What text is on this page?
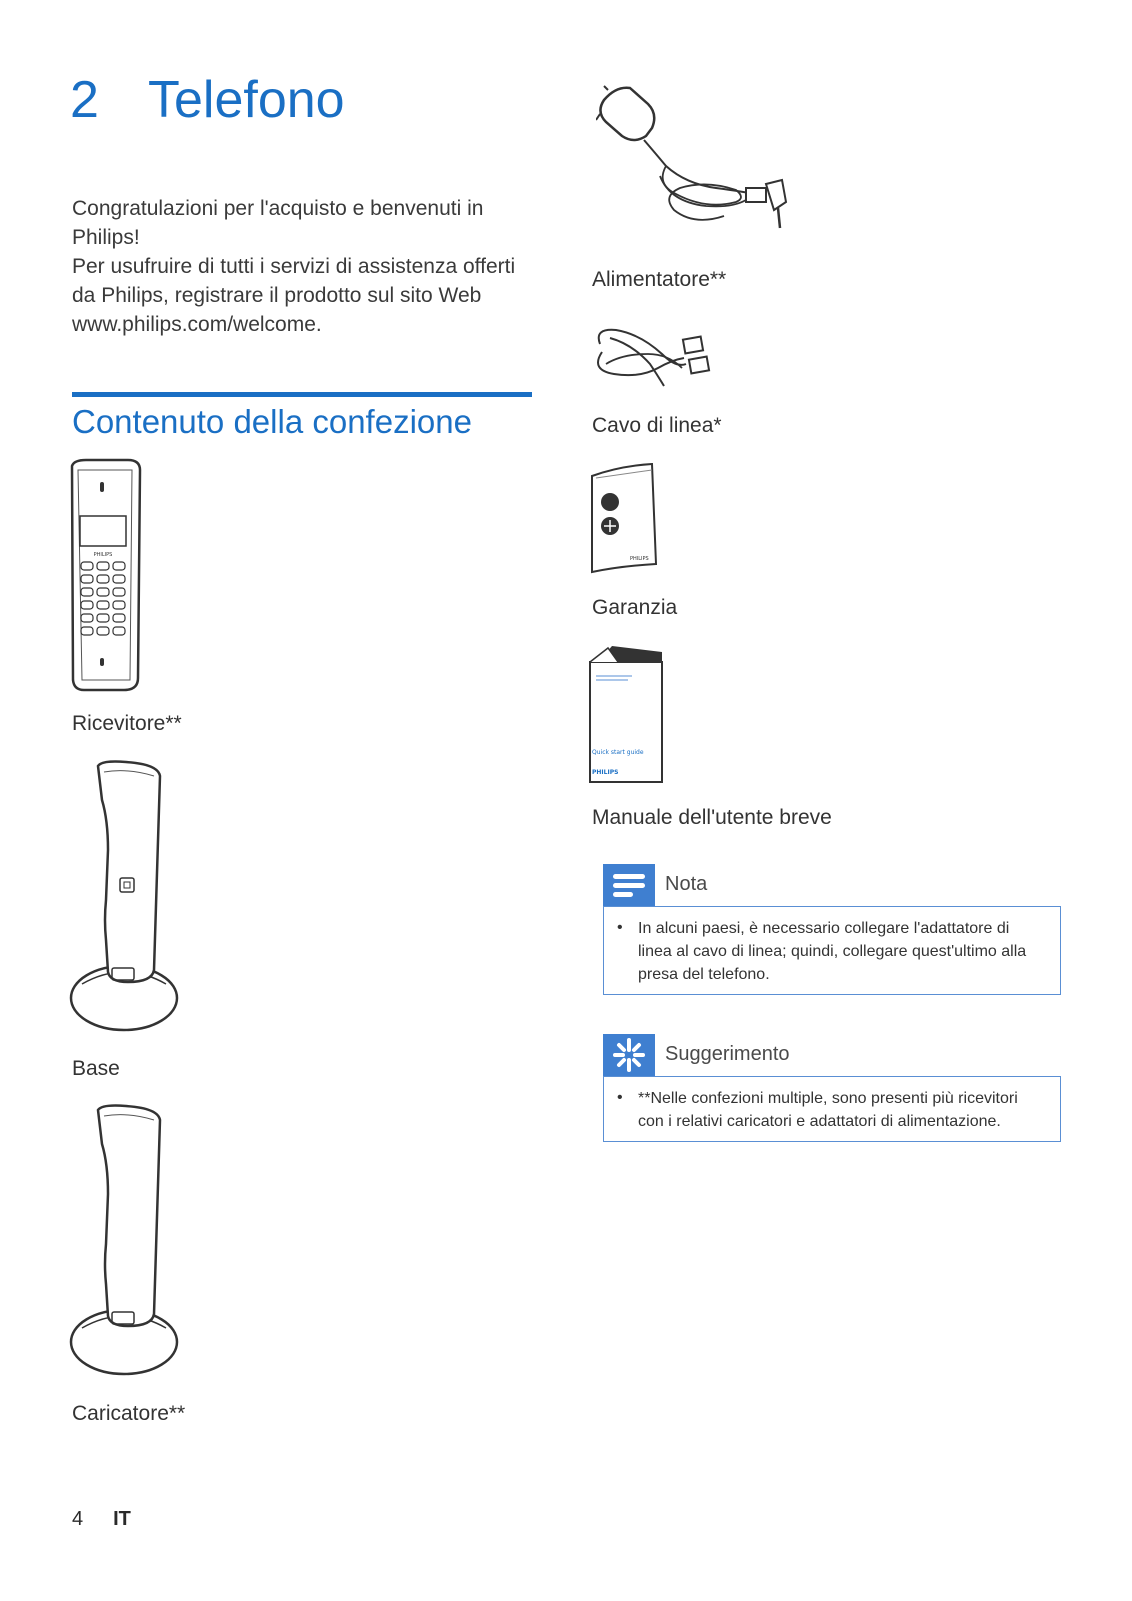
2 Telefono

Congratulazioni per l'acquisto e benvenuti in Philips!

Per usufruire di tutti i servizi di assistenza offerti da Philips, registrare il prodotto sul sito Web www.philips.com/welcome.

Contenuto della confezione
PHILIPS
Ricevitore**
Base
Caricatore**
Alimentatore**
Cavo di linea*
PHILIPS
Garanzia
Quick start guide
PHILIPS
Manuale dell'utente breve
Nota
• In alcuni paesi, è necessario collegare l'adattatore di linea al cavo di linea; quindi, collegare quest'ultimo alla presa del telefono.
Suggerimento
• **Nelle confezioni multiple, sono presenti più ricevitori con i relativi caricatori e adattatori di alimentazione.
4 IT
